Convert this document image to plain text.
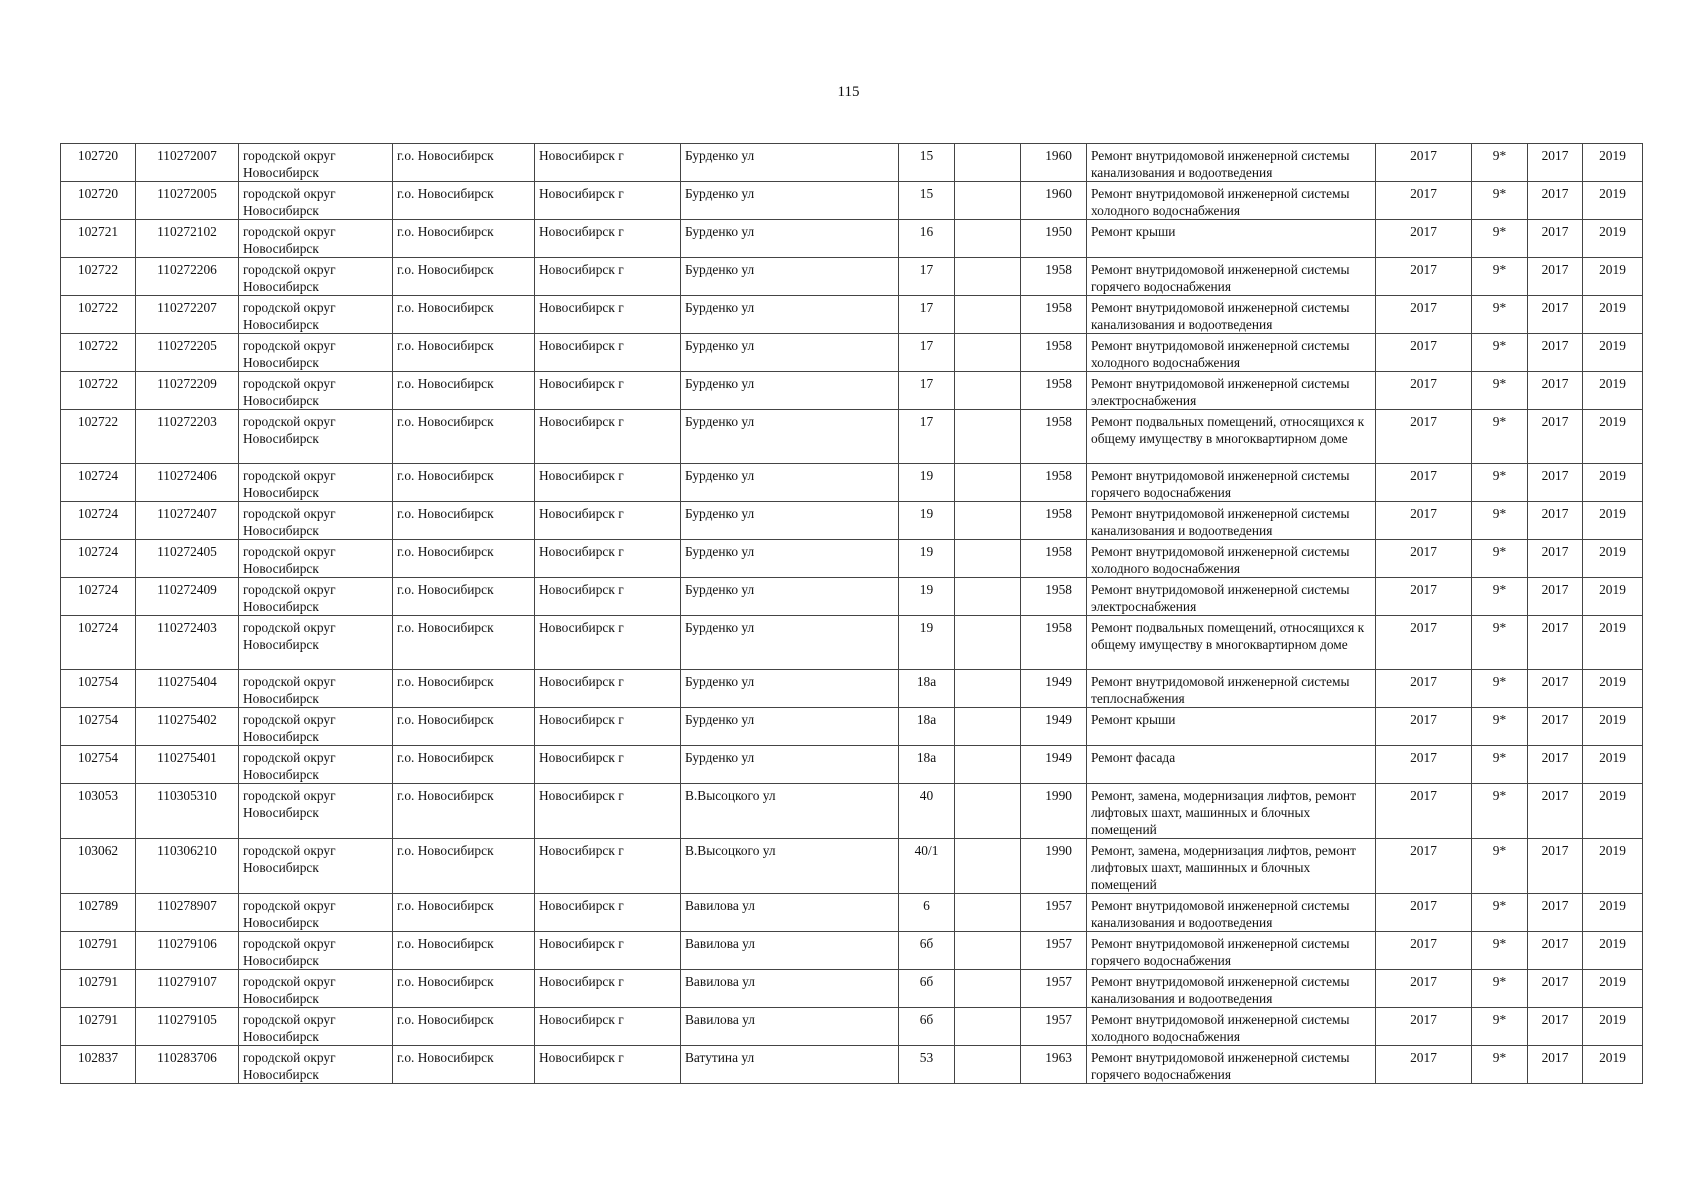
115
102720	110272007	городской округ Новосибирск	г.о. Новосибирск	Новосибирск г	Бурденко ул	15		1960	Ремонт внутридомовой инженерной системы канализования и водоотведения	2017	9*	2017	2019
102720	110272005	городской округ Новосибирск	г.о. Новосибирск	Новосибирск г	Бурденко ул	15		1960	Ремонт внутридомовой инженерной системы холодного водоснабжения	2017	9*	2017	2019
102721	110272102	городской округ Новосибирск	г.о. Новосибирск	Новосибирск г	Бурденко ул	16		1950	Ремонт крыши	2017	9*	2017	2019
102722	110272206	городской округ Новосибирск	г.о. Новосибирск	Новосибирск г	Бурденко ул	17		1958	Ремонт внутридомовой инженерной системы горячего водоснабжения	2017	9*	2017	2019
102722	110272207	городской округ Новосибирск	г.о. Новосибирск	Новосибирск г	Бурденко ул	17		1958	Ремонт внутридомовой инженерной системы канализования и водоотведения	2017	9*	2017	2019
102722	110272205	городской округ Новосибирск	г.о. Новосибирск	Новосибирск г	Бурденко ул	17		1958	Ремонт внутридомовой инженерной системы холодного водоснабжения	2017	9*	2017	2019
102722	110272209	городской округ Новосибирск	г.о. Новосибирск	Новосибирск г	Бурденко ул	17		1958	Ремонт внутридомовой инженерной системы электроснабжения	2017	9*	2017	2019
102722	110272203	городской округ Новосибирск	г.о. Новосибирск	Новосибирск г	Бурденко ул	17		1958	Ремонт подвальных помещений, относящихся к общему имуществу в многоквартирном доме	2017	9*	2017	2019
102724	110272406	городской округ Новосибирск	г.о. Новосибирск	Новосибирск г	Бурденко ул	19		1958	Ремонт внутридомовой инженерной системы горячего водоснабжения	2017	9*	2017	2019
102724	110272407	городской округ Новосибирск	г.о. Новосибирск	Новосибирск г	Бурденко ул	19		1958	Ремонт внутридомовой инженерной системы канализования и водоотведения	2017	9*	2017	2019
102724	110272405	городской округ Новосибирск	г.о. Новосибирск	Новосибирск г	Бурденко ул	19		1958	Ремонт внутридомовой инженерной системы холодного водоснабжения	2017	9*	2017	2019
102724	110272409	городской округ Новосибирск	г.о. Новосибирск	Новосибирск г	Бурденко ул	19		1958	Ремонт внутридомовой инженерной системы электроснабжения	2017	9*	2017	2019
102724	110272403	городской округ Новосибирск	г.о. Новосибирск	Новосибирск г	Бурденко ул	19		1958	Ремонт подвальных помещений, относящихся к общему имуществу в многоквартирном доме	2017	9*	2017	2019
102754	110275404	городской округ Новосибирск	г.о. Новосибирск	Новосибирск г	Бурденко ул	18а		1949	Ремонт внутридомовой инженерной системы теплоснабжения	2017	9*	2017	2019
102754	110275402	городской округ Новосибирск	г.о. Новосибирск	Новосибирск г	Бурденко ул	18а		1949	Ремонт крыши	2017	9*	2017	2019
102754	110275401	городской округ Новосибирск	г.о. Новосибирск	Новосибирск г	Бурденко ул	18а		1949	Ремонт фасада	2017	9*	2017	2019
103053	110305310	городской округ Новосибирск	г.о. Новосибирск	Новосибирск г	В.Высоцкого ул	40		1990	Ремонт, замена, модернизация лифтов, ремонт лифтовых шахт, машинных и блочных помещений	2017	9*	2017	2019
103062	110306210	городской округ Новосибирск	г.о. Новосибирск	Новосибирск г	В.Высоцкого ул	40/1		1990	Ремонт, замена, модернизация лифтов, ремонт лифтовых шахт, машинных и блочных помещений	2017	9*	2017	2019
102789	110278907	городской округ Новосибирск	г.о. Новосибирск	Новосибирск г	Вавилова ул	6		1957	Ремонт внутридомовой инженерной системы канализования и водоотведения	2017	9*	2017	2019
102791	110279106	городской округ Новосибирск	г.о. Новосибирск	Новосибирск г	Вавилова ул	6б		1957	Ремонт внутридомовой инженерной системы горячего водоснабжения	2017	9*	2017	2019
102791	110279107	городской округ Новосибирск	г.о. Новосибирск	Новосибирск г	Вавилова ул	6б		1957	Ремонт внутридомовой инженерной системы канализования и водоотведения	2017	9*	2017	2019
102791	110279105	городской округ Новосибирск	г.о. Новосибирск	Новосибирск г	Вавилова ул	6б		1957	Ремонт внутридомовой инженерной системы холодного водоснабжения	2017	9*	2017	2019
102837	110283706	городской округ Новосибирск	г.о. Новосибирск	Новосибирск г	Ватутина ул	53		1963	Ремонт внутридомовой инженерной системы горячего водоснабжения	2017	9*	2017	2019
